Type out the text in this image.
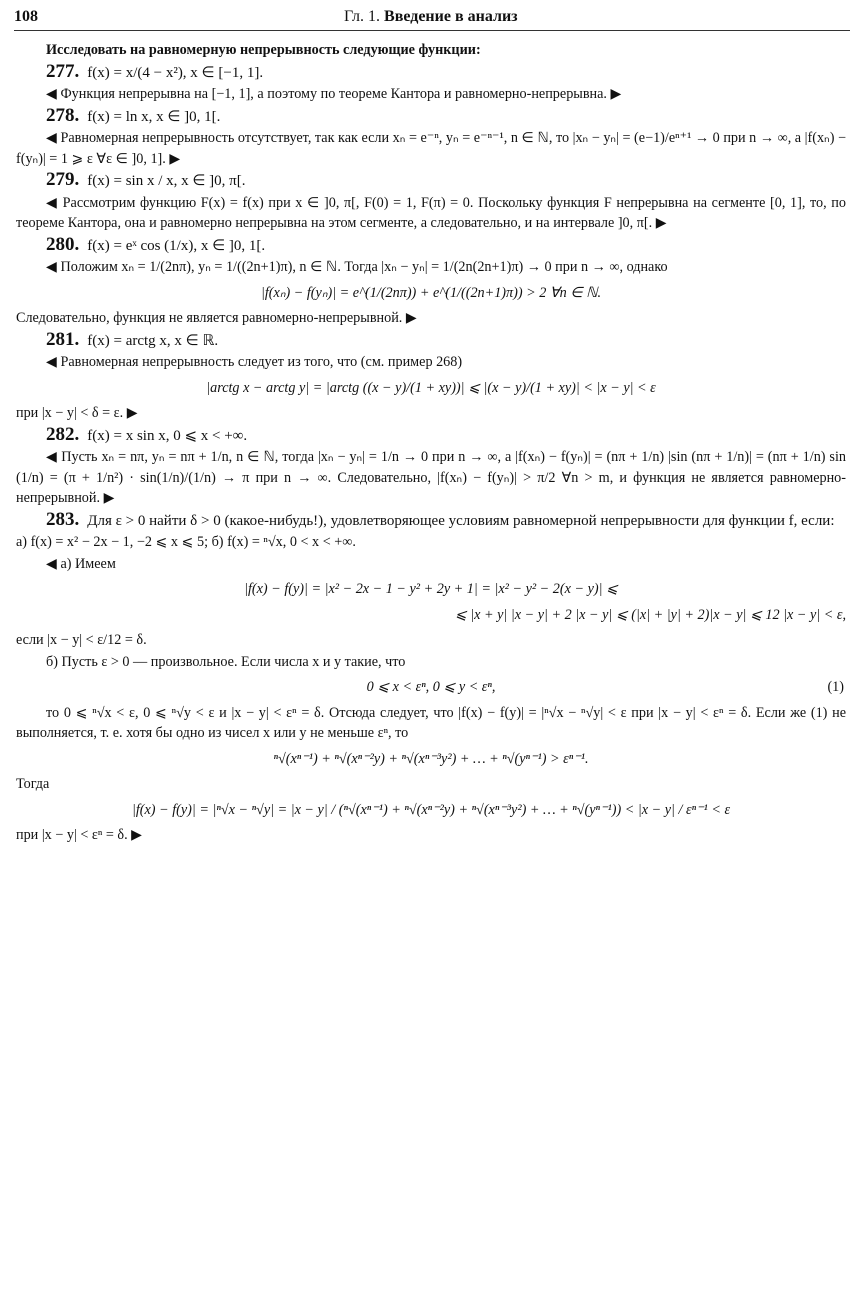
108	Гл. 1. Введение в анализ
Исследовать на равномерную непрерывность следующие функции:
277. f(x) = x/(4 − x²), x ∈ [−1, 1].
◀ Функция непрерывна на [−1, 1], а поэтому по теореме Кантора и равномерно-непрерывна. ▶
278. f(x) = ln x, x ∈ ]0, 1[.
◀ Равномерная непрерывность отсутствует, так как если xₙ = e⁻ⁿ, yₙ = e⁻ⁿ⁻¹, n ∈ ℕ, то |xₙ − yₙ| = (e−1)/eⁿ⁺¹ → 0 при n → ∞, а |f(xₙ) − f(yₙ)| = 1 ⩾ ε ∀ε ∈ ]0, 1]. ▶
279. f(x) = sin x / x, x ∈ ]0, π[.
◀ Рассмотрим функцию F(x) = f(x) при x ∈ ]0, π[, F(0) = 1, F(π) = 0. Поскольку функция F непрерывна на сегменте [0, 1], то, по теореме Кантора, она и равномерно непрерывна на этом сегменте, а следовательно, и на интервале ]0, π[. ▶
280. f(x) = eˣ cos (1/x), x ∈ ]0, 1[.
◀ Положим xₙ = 1/(2nπ), yₙ = 1/((2n+1)π), n ∈ ℕ. Тогда |xₙ − yₙ| = 1/(2n(2n+1)π) → 0 при n → ∞, однако
|f(xₙ) − f(yₙ)| = e^(1/(2nπ)) + e^(1/((2n+1)π)) > 2 ∀n ∈ ℕ.
Следовательно, функция не является равномерно-непрерывной. ▶
281. f(x) = arctg x, x ∈ ℝ.
◀ Равномерная непрерывность следует из того, что (см. пример 268)
|arctg x − arctg y| = |arctg ((x − y)/(1 + xy))| ⩽ |(x − y)/(1 + xy)| < |x − y| < ε
при |x − y| < δ = ε. ▶
282. f(x) = x sin x, 0 ⩽ x < +∞.
◀ Пусть xₙ = nπ, yₙ = nπ + 1/n, n ∈ ℕ, тогда |xₙ − yₙ| = 1/n → 0 при n → ∞, а |f(xₙ) − f(yₙ)| = (nπ + 1/n) |sin (nπ + 1/n)| = (nπ + 1/n) sin (1/n) = (π + 1/n²) · sin(1/n)/(1/n) → π при n → ∞. Следовательно, |f(xₙ) − f(yₙ)| > π/2 ∀n > m, и функция не является равномерно-непрерывной. ▶
283. Для ε > 0 найти δ > 0 (какое-нибудь!), удовлетворяющее условиям равномерной непрерывности для функции f, если:
а) f(x) = x² − 2x − 1, −2 ⩽ x ⩽ 5; б) f(x) = ⁿ√x, 0 < x < +∞.
◀ а) Имеем
|f(x) − f(y)| = |x² − 2x − 1 − y² + 2y + 1| = |x² − y² − 2(x − y)| ⩽
⩽ |x + y| |x − y| + 2 |x − y| ⩽ (|x| + |y| + 2)|x − y| ⩽ 12 |x − y| < ε,
если |x − y| < ε/12 = δ.
б) Пусть ε > 0 — произвольное. Если числа x и y такие, что
0 ⩽ x < εⁿ, 0 ⩽ y < εⁿ,	(1)
то 0 ⩽ ⁿ√x < ε, 0 ⩽ ⁿ√y < ε и |x − y| < εⁿ = δ. Отсюда следует, что |f(x) − f(y)| = |ⁿ√x − ⁿ√y| < ε при |x − y| < εⁿ = δ. Если же (1) не выполняется, т. е. хотя бы одно из чисел x или y не меньше εⁿ, то
ⁿ√(xⁿ⁻¹) + ⁿ√(xⁿ⁻²y) + ⁿ√(xⁿ⁻³y²) + … + ⁿ√(yⁿ⁻¹) > εⁿ⁻¹.
Тогда
|f(x) − f(y)| = |ⁿ√x − ⁿ√y| = |x − y| / (ⁿ√(xⁿ⁻¹) + ⁿ√(xⁿ⁻²y) + ⁿ√(xⁿ⁻³y²) + … + ⁿ√(yⁿ⁻¹)) < |x − y| / εⁿ⁻¹ < ε
при |x − y| < εⁿ = δ. ▶
